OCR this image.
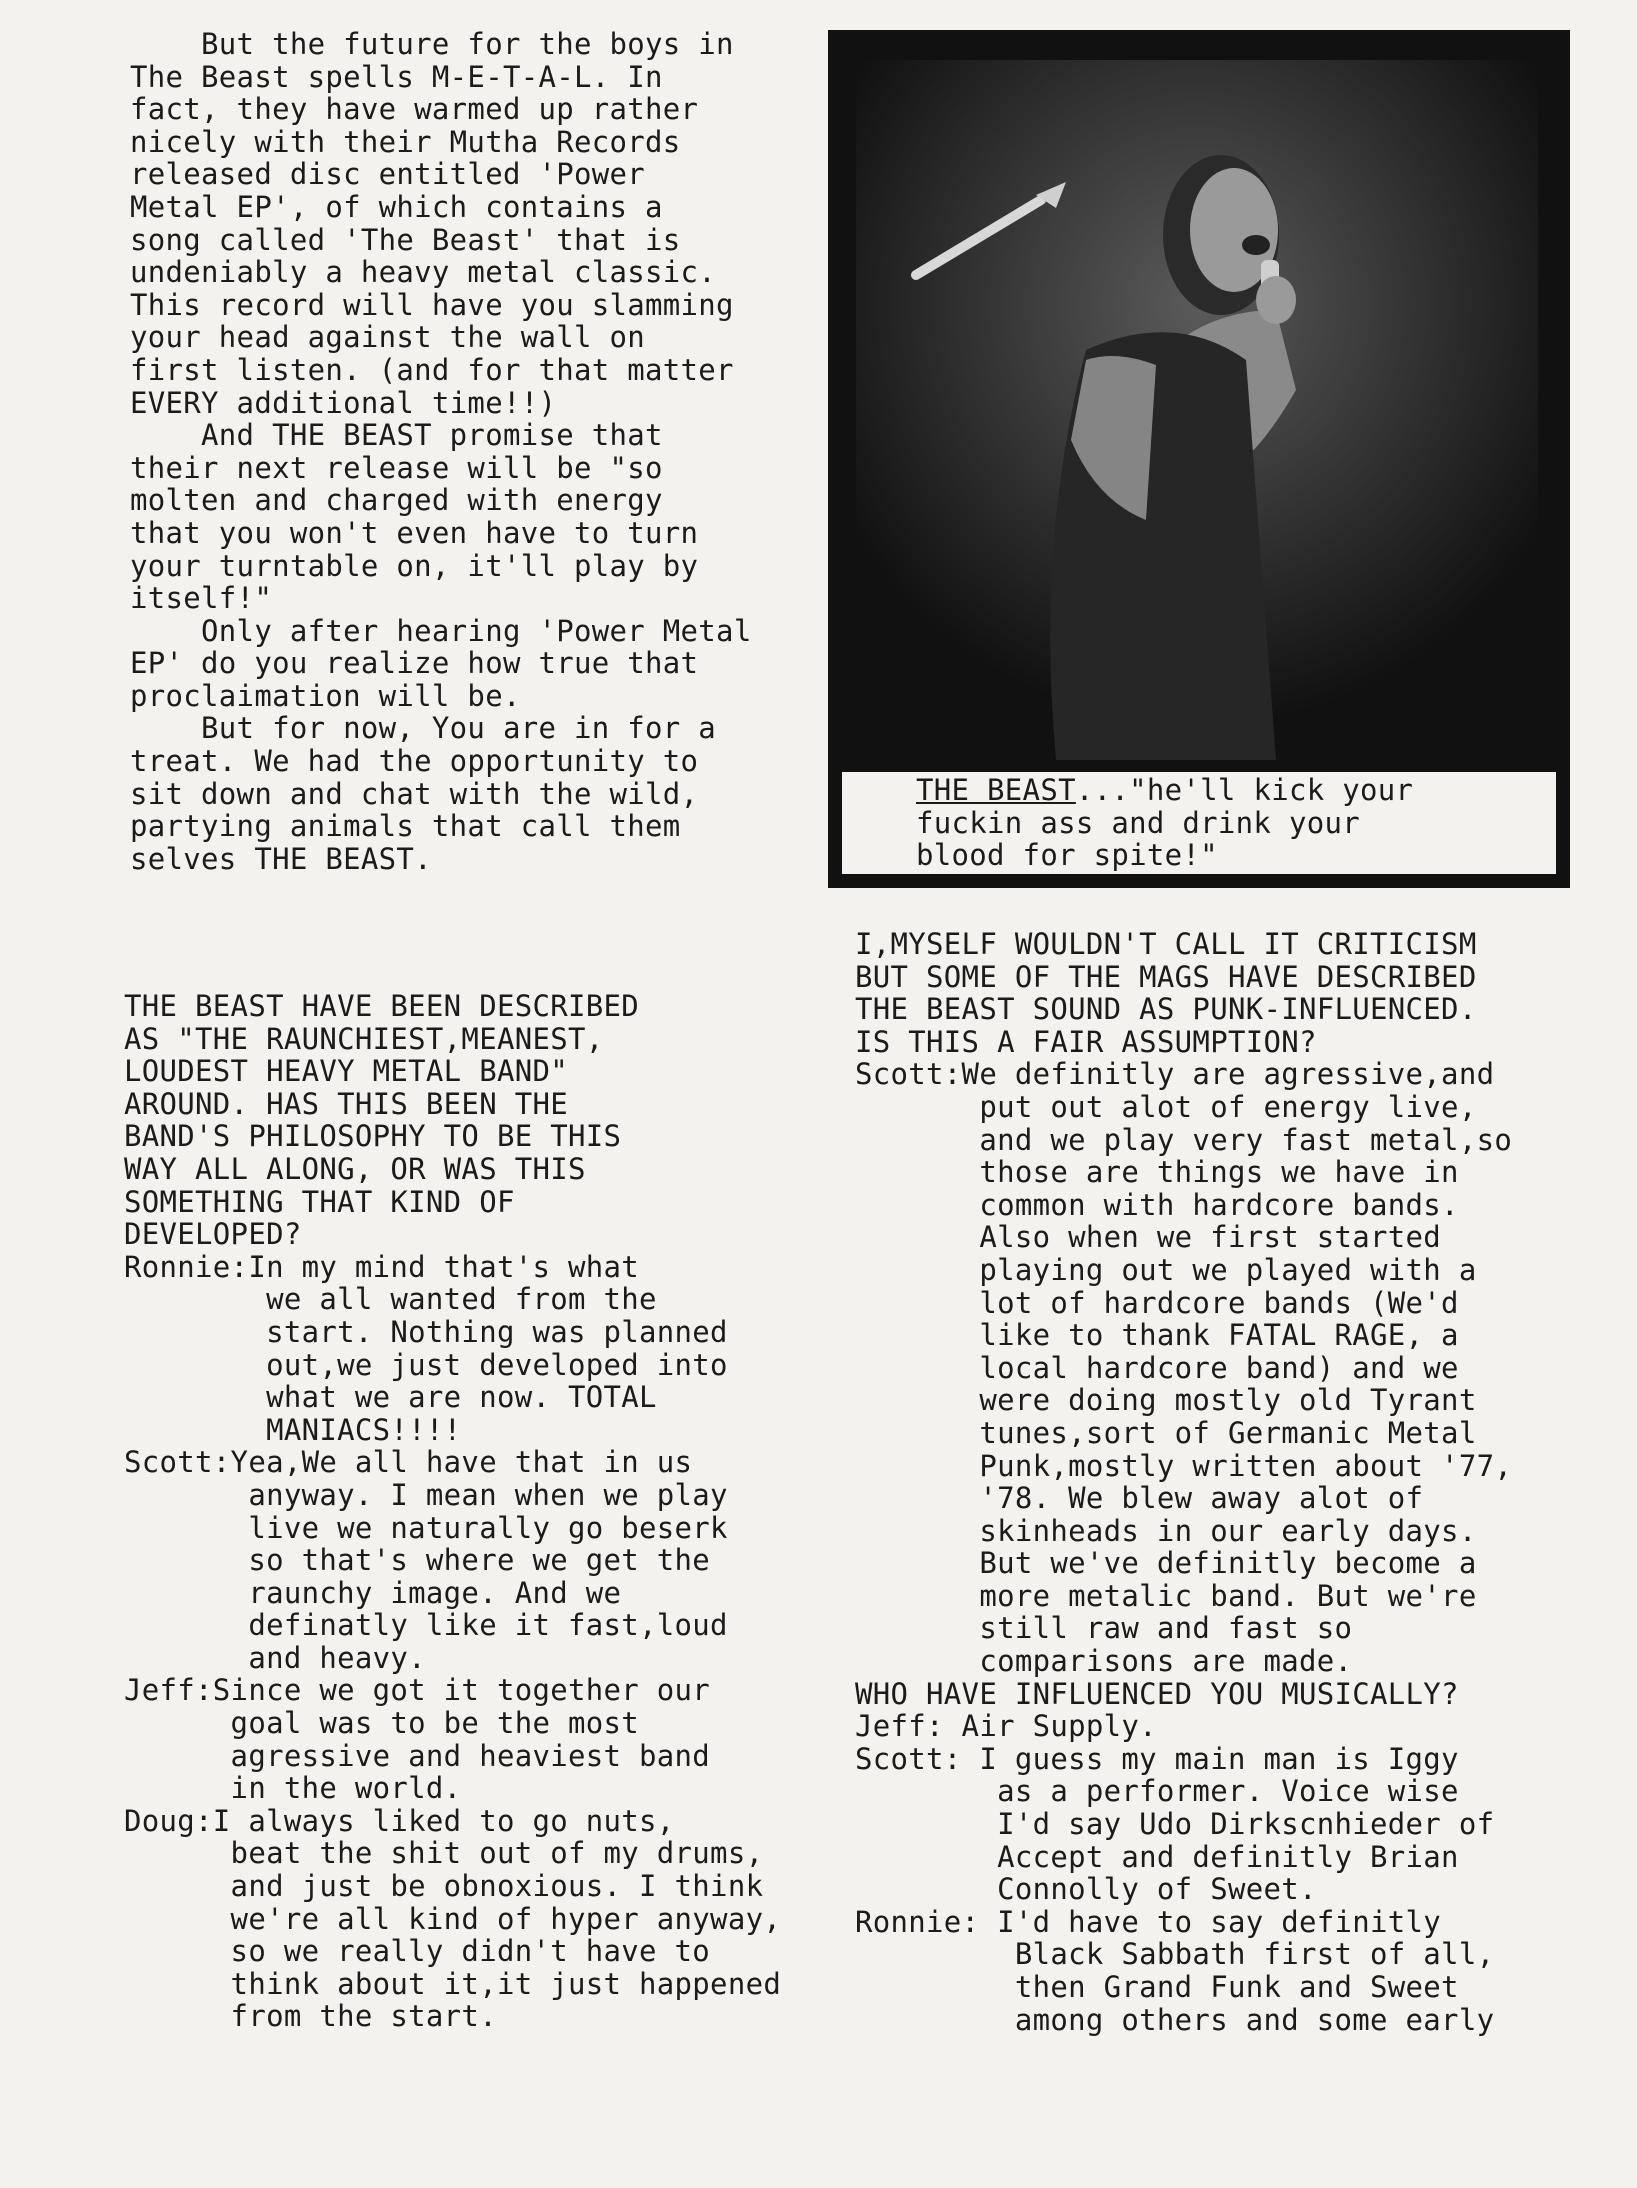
But the future for the boys in

The Beast spells M-E-T-A-L. In

fact, they have warmed up rather

nicely with their Mutha Records

released disc entitled 'Power

Metal EP', of which contains a

song called 'The Beast' that is

undeniably a heavy metal classic.

This record will have you slamming

your head against the wall on

first listen. (and for that matter

EVERY additional time!!)

And THE BEAST promise that

their next release will be "so

molten and charged with energy

that you won't even have to turn

your turntable on, it'll play by

itself!"

Only after hearing 'Power Metal

EP' do you realize how true that

proclaimation will be.

But for now, You are in for a

treat. We had the opportunity to

sit down and chat with the wild,

partying animals that call them

selves THE BEAST.

THE BEAST HAVE BEEN DESCRIBED

AS "THE RAUNCHIEST,MEANEST,

LOUDEST HEAVY METAL BAND"

AROUND. HAS THIS BEEN THE

BAND'S PHILOSOPHY TO BE THIS

WAY ALL ALONG, OR WAS THIS

SOMETHING THAT KIND OF

DEVELOPED?

Ronnie:In my mind that's what

we all wanted from the

start. Nothing was planned

out,we just developed into

what we are now. TOTAL

MANIACS!!!!

Scott:Yea,We all have that in us

anyway. I mean when we play

live we naturally go beserk

so that's where we get the

raunchy image. And we

definatly like it fast,loud

and heavy.

Jeff:Since we got it together our

goal was to be the most

agressive and heaviest band

in the world.

Doug:I always liked to go nuts,

beat the shit out of my drums,

and just be obnoxious. I think

we're all kind of hyper anyway,

so we really didn't have to

think about it,it just happened

from the start.

THE BEAST..."he'll kick your

fuckin ass and drink your

blood for spite!"

I,MYSELF WOULDN'T CALL IT CRITICISM

BUT SOME OF THE MAGS HAVE DESCRIBED

THE BEAST SOUND AS PUNK-INFLUENCED.

IS THIS A FAIR ASSUMPTION?

Scott:We definitly are agressive,and

put out alot of energy live,

and we play very fast metal,so

those are things we have in

common with hardcore bands.

Also when we first started

playing out we played with a

lot of hardcore bands (We'd

like to thank FATAL RAGE, a

local hardcore band) and we

were doing mostly old Tyrant

tunes,sort of Germanic Metal

Punk,mostly written about '77,

'78. We blew away alot of

skinheads in our early days.

But we've definitly become a

more metalic band. But we're

still raw and fast so

comparisons are made.

WHO HAVE INFLUENCED YOU MUSICALLY?

Jeff: Air Supply.

Scott: I guess my main man is Iggy

as a performer. Voice wise

I'd say Udo Dirkscnhieder of

Accept and definitly Brian

Connolly of Sweet.

Ronnie: I'd have to say definitly

Black Sabbath first of all,

then Grand Funk and Sweet

among others and some early
